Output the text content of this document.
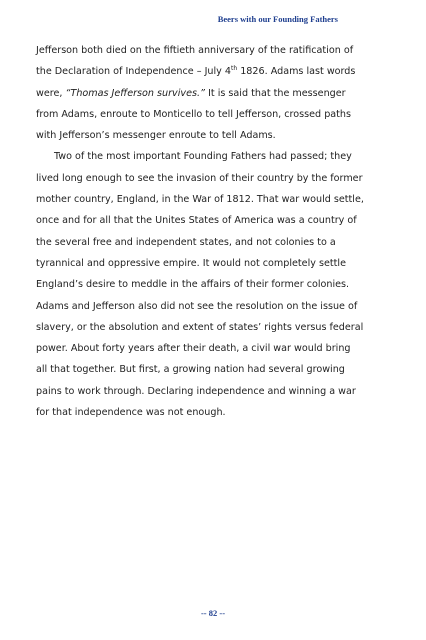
Beers with our Founding Fathers

Jefferson both died on the fiftieth anniversary of the ratification of

the Declaration of Independence – July 4th 1826. Adams last words

were, “Thomas Jefferson survives.” It is said that the messenger

from Adams, enroute to Monticello to tell Jefferson, crossed paths

with Jefferson’s messenger enroute to tell Adams.

Two of the most important Founding Fathers had passed; they

lived long enough to see the invasion of their country by the former

mother country, England, in the War of 1812. That war would settle,

once and for all that the Unites States of America was a country of

the several free and independent states, and not colonies to a

tyrannical and oppressive empire. It would not completely settle

England’s desire to meddle in the affairs of their former colonies.

Adams and Jefferson also did not see the resolution on the issue of

slavery, or the absolution and extent of states’ rights versus federal

power. About forty years after their death, a civil war would bring

all that together. But first, a growing nation had several growing

pains to work through. Declaring independence and winning a war

for that independence was not enough.

-- 82 --
